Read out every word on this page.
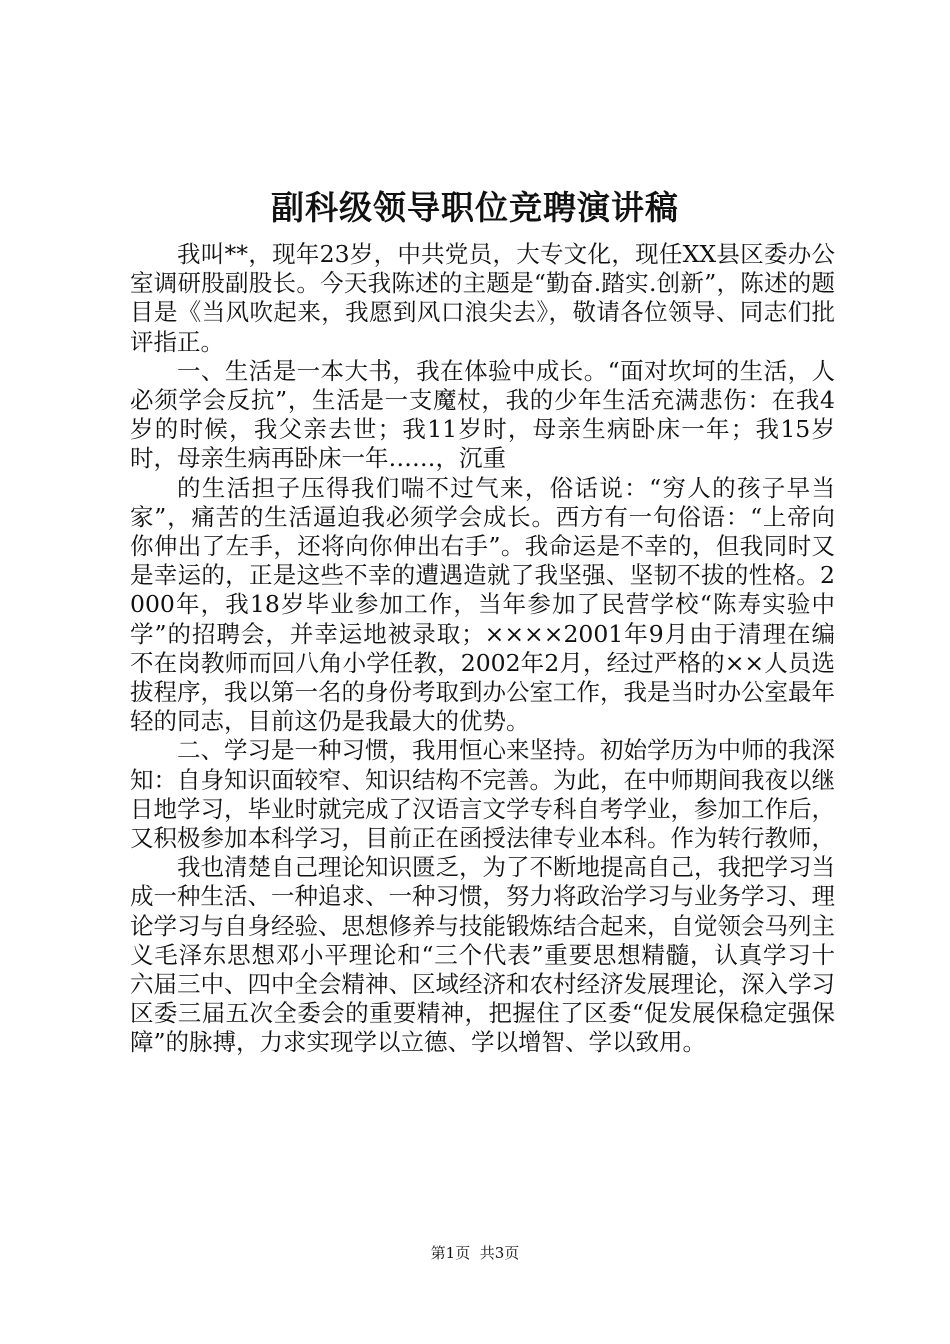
副科级领导职位竞聘演讲稿

我叫**，现年23岁，中共党员，大专文化，现任XX县区委办公室调研股副股长。今天我陈述的主题是“勤奋.踏实.创新”，陈述的题目是《当风吹起来，我愿到风口浪尖去》，敬请各位领导、同志们批评指正。

一、生活是一本大书，我在体验中成长。“面对坎坷的生活，人必须学会反抗”，生活是一支魔杖，我的少年生活充满悲伤：在我4岁的时候，我父亲去世；我11岁时，母亲生病卧床一年；我15岁时，母亲生病再卧床一年……，沉重

的生活担子压得我们喘不过气来，俗话说：“穷人的孩子早当家”，痛苦的生活逼迫我必须学会成长。西方有一句俗语：“上帝向你伸出了左手，还将向你伸出右手”。我命运是不幸的，但我同时又是幸运的，正是这些不幸的遭遇造就了我坚强、坚韧不拔的性格。2000年，我18岁毕业参加工作，当年参加了民营学校“陈寿实验中学”的招聘会，并幸运地被录取；××××2001年9月由于清理在编不在岗教师而回八角小学任教，2002年2月，经过严格的××人员选拔程序，我以第一名的身份考取到办公室工作，我是当时办公室最年轻的同志，目前这仍是我最大的优势。

二、学习是一种习惯，我用恒心来坚持。初始学历为中师的我深知：自身知识面较窄、知识结构不完善。为此，在中师期间我夜以继日地学习，毕业时就完成了汉语言文学专科自考学业，参加工作后，又积极参加本科学习，目前正在函授法律专业本科。作为转行教师，

我也清楚自己理论知识匮乏，为了不断地提高自己，我把学习当成一种生活、一种追求、一种习惯，努力将政治学习与业务学习、理论学习与自身经验、思想修养与技能锻炼结合起来，自觉领会马列主义毛泽东思想邓小平理论和“三个代表”重要思想精髓，认真学习十六届三中、四中全会精神、区域经济和农村经济发展理论，深入学习区委三届五次全委会的重要精神，把握住了区委“促发展保稳定强保障”的脉搏，力求实现学以立德、学以增智、学以致用。

第1页 共3页
